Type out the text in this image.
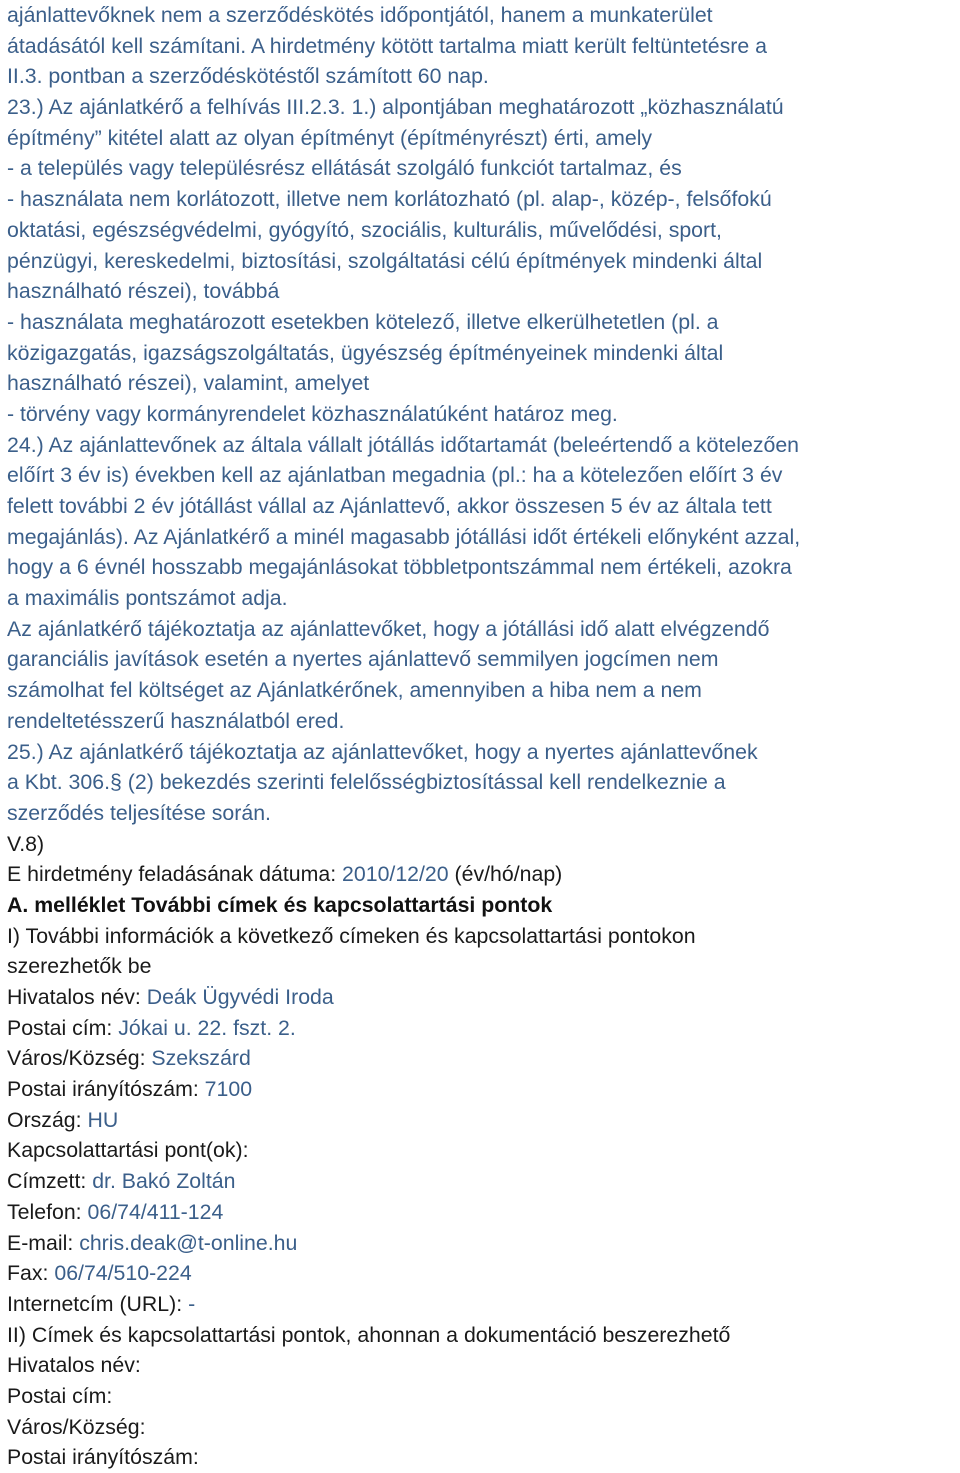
ajánlattevőknek nem a szerződéskötés időpontjától, hanem a munkaterület
átadásától kell számítani. A hirdetmény kötött tartalma miatt került feltüntetésre a
II.3. pontban a szerződéskötéstől számított 60 nap.
23.) Az ajánlatkérő a felhívás III.2.3. 1.) alpontjában meghatározott „közhasználatú
építmény” kitétel alatt az olyan építményt (építményrészt) érti, amely
- a település vagy településrész ellátását szolgáló funkciót tartalmaz, és
- használata nem korlátozott, illetve nem korlátozható (pl. alap-, közép-, felsőfokú
oktatási, egészségvédelmi, gyógyító, szociális, kulturális, művelődési, sport,
pénzügyi, kereskedelmi, biztosítási, szolgáltatási célú építmények mindenki által
használható részei), továbbá
- használata meghatározott esetekben kötelező, illetve elkerülhetetlen (pl. a
közigazgatás, igazságszolgáltatás, ügyészség építményeinek mindenki által
használható részei), valamint, amelyet
- törvény vagy kormányrendelet közhasználatúként határoz meg.
24.) Az ajánlattevőnek az általa vállalt jótállás időtartamát (beleértendő a kötelezően
előírt 3 év is) években kell az ajánlatban megadnia (pl.: ha a kötelezően előírt 3 év
felett további 2 év jótállást vállal az Ajánlattevő, akkor összesen 5 év az általa tett
megajánlás). Az Ajánlatkérő a minél magasabb jótállási időt értékeli előnyként azzal,
hogy a 6 évnél hosszabb megajánlásokat többletpontszámmal nem értékeli, azokra
a maximális pontszámot adja.
Az ajánlatkérő tájékoztatja az ajánlattevőket, hogy a jótállási idő alatt elvégzendő
garanciális javítások esetén a nyertes ajánlattevő semmilyen jogcímen nem
számolhat fel költséget az Ajánlatkérőnek, amennyiben a hiba nem a nem
rendeltetésszerű használatból ered.
25.) Az ajánlatkérő tájékoztatja az ajánlattevőket, hogy a nyertes ajánlattevőnek
a Kbt. 306.§ (2) bekezdés szerinti felelősségbiztosítással kell rendelkeznie a
szerződés teljesítése során.
V.8)
E hirdetmény feladásának dátuma: 2010/12/20 (év/hó/nap)
A. melléklet További címek és kapcsolattartási pontok
I) További információk a következő címeken és kapcsolattartási pontokon
szerezhetők be
Hivatalos név: Deák Ügyvédi Iroda
Postai cím: Jókai u. 22. fszt. 2.
Város/Község: Szekszárd
Postai irányítószám: 7100
Ország: HU
Kapcsolattartási pont(ok):
Címzett: dr. Bakó Zoltán
Telefon: 06/74/411-124
E-mail: chris.deak@t-online.hu
Fax: 06/74/510-224
Internetcím (URL): -
II) Címek és kapcsolattartási pontok, ahonnan a dokumentáció beszerezhető
Hivatalos név:
Postai cím:
Város/Község:
Postai irányítószám:
